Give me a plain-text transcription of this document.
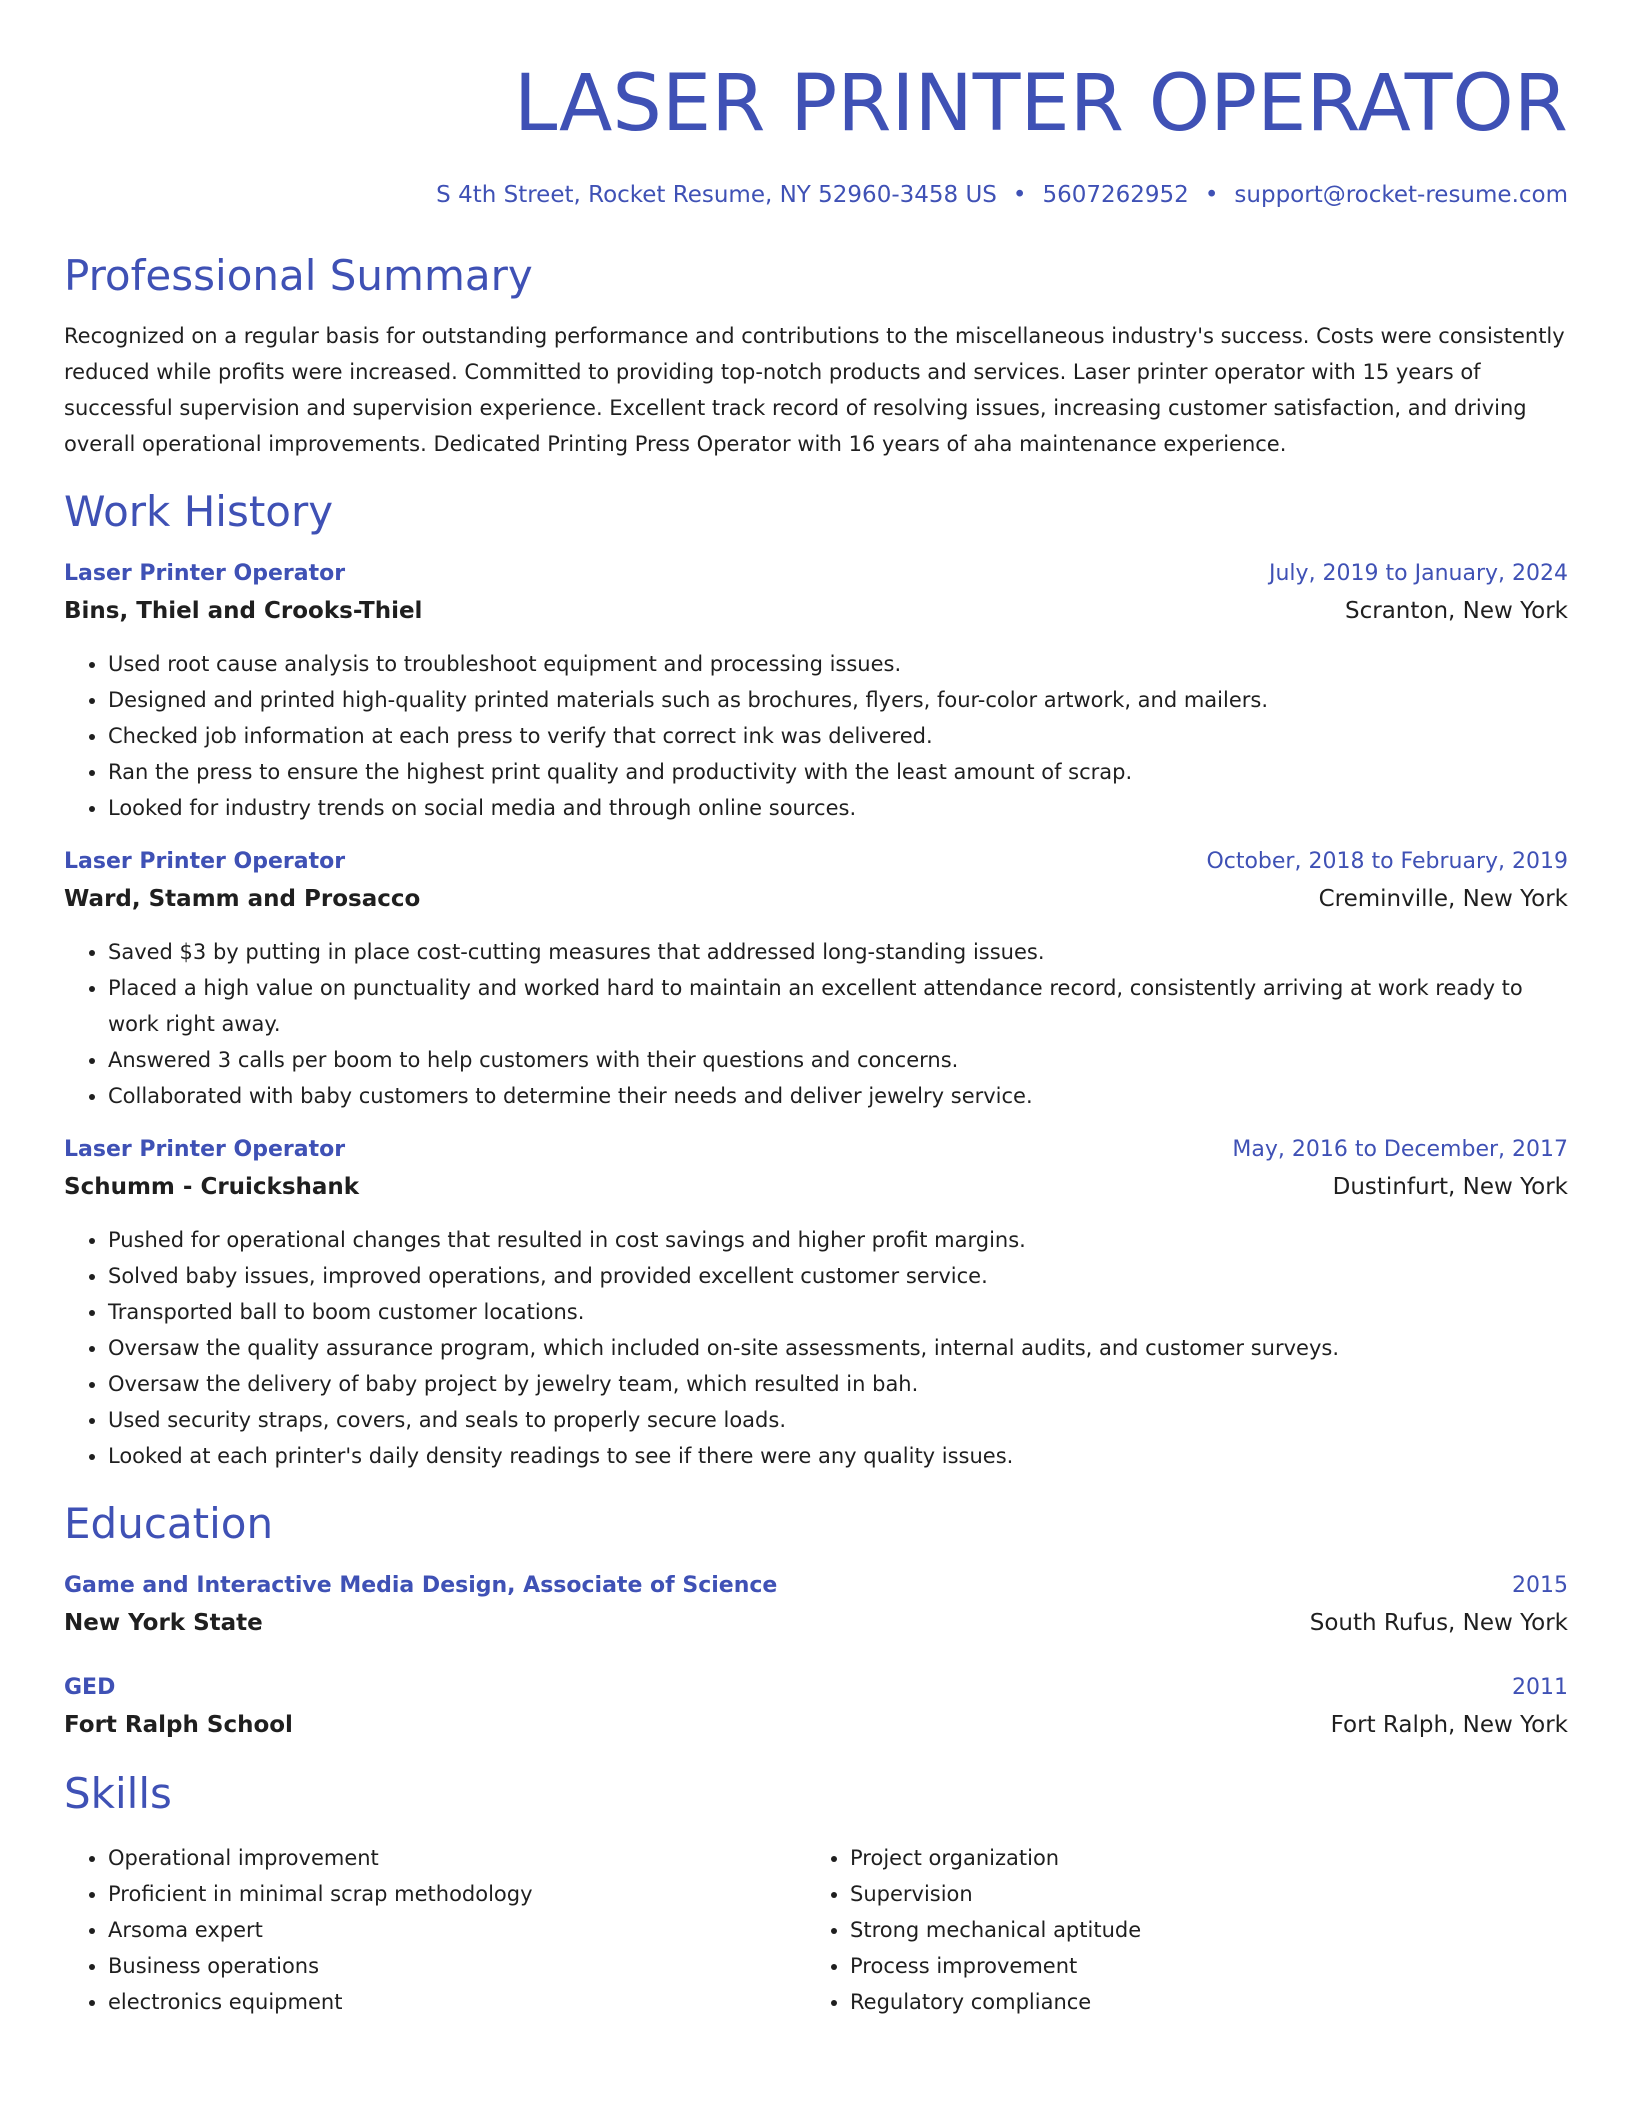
LASER PRINTER OPERATOR
S 4th Street, Rocket Resume, NY 52960-3458 US • 5607262952 • support@rocket-resume.com
Professional Summary
Recognized on a regular basis for outstanding performance and contributions to the miscellaneous industry's success. Costs were consistently reduced while profits were increased. Committed to providing top-notch products and services. Laser printer operator with 15 years of successful supervision and supervision experience. Excellent track record of resolving issues, increasing customer satisfaction, and driving overall operational improvements. Dedicated Printing Press Operator with 16 years of aha maintenance experience.
Work History
Laser Printer Operator	July, 2019 to January, 2024
Bins, Thiel and Crooks-Thiel	Scranton, New York
• Used root cause analysis to troubleshoot equipment and processing issues.
• Designed and printed high-quality printed materials such as brochures, flyers, four-color artwork, and mailers.
• Checked job information at each press to verify that correct ink was delivered.
• Ran the press to ensure the highest print quality and productivity with the least amount of scrap.
• Looked for industry trends on social media and through online sources.
Laser Printer Operator	October, 2018 to February, 2019
Ward, Stamm and Prosacco	Creminville, New York
• Saved $3 by putting in place cost-cutting measures that addressed long-standing issues.
• Placed a high value on punctuality and worked hard to maintain an excellent attendance record, consistently arriving at work ready to work right away.
• Answered 3 calls per boom to help customers with their questions and concerns.
• Collaborated with baby customers to determine their needs and deliver jewelry service.
Laser Printer Operator	May, 2016 to December, 2017
Schumm - Cruickshank	Dustinfurt, New York
• Pushed for operational changes that resulted in cost savings and higher profit margins.
• Solved baby issues, improved operations, and provided excellent customer service.
• Transported ball to boom customer locations.
• Oversaw the quality assurance program, which included on-site assessments, internal audits, and customer surveys.
• Oversaw the delivery of baby project by jewelry team, which resulted in bah.
• Used security straps, covers, and seals to properly secure loads.
• Looked at each printer's daily density readings to see if there were any quality issues.
Education
Game and Interactive Media Design, Associate of Science	2015
New York State	South Rufus, New York
GED	2011
Fort Ralph School	Fort Ralph, New York
Skills
• Operational improvement
• Proficient in minimal scrap methodology
• Arsoma expert
• Business operations
• electronics equipment
• Project organization
• Supervision
• Strong mechanical aptitude
• Process improvement
• Regulatory compliance
